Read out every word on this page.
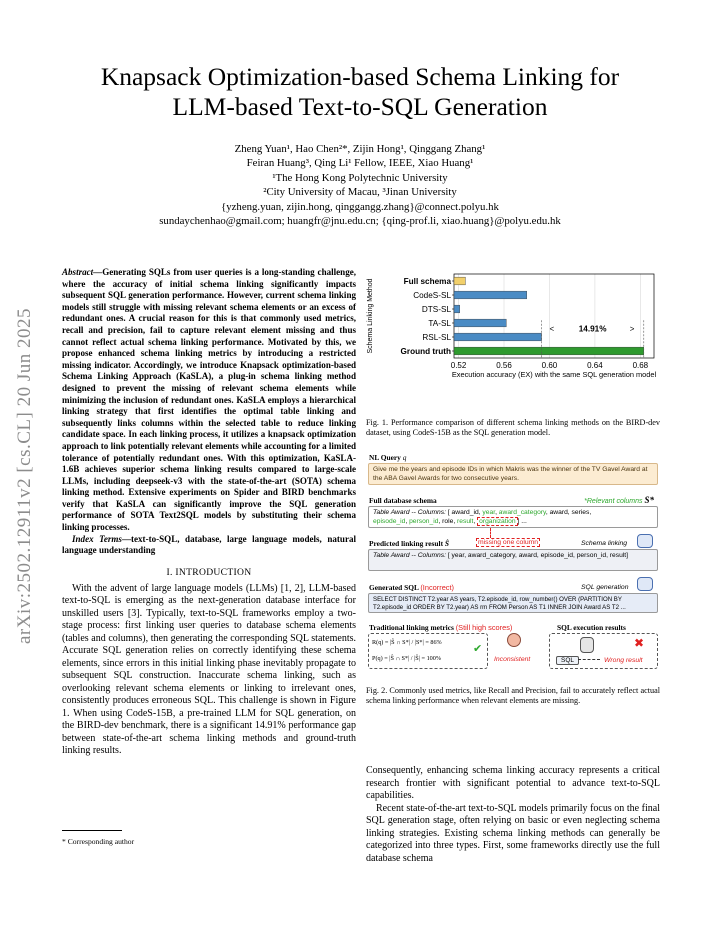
arXiv:2502.12911v2 [cs.CL] 20 Jun 2025
Knapsack Optimization-based Schema Linking for
LLM-based Text-to-SQL Generation
Zheng Yuan¹, Hao Chen²*, Zijin Hong¹, Qinggang Zhang¹
Feiran Huang³, Qing Li¹ Fellow, IEEE, Xiao Huang¹
¹The Hong Kong Polytechnic University
²City University of Macau, ³Jinan University
{yzheng.yuan, zijin.hong, qinggangg.zhang}@connect.polyu.hk
sundaychenhao@gmail.com; huangfr@jnu.edu.cn; {qing-prof.li, xiao.huang}@polyu.edu.hk

Abstract—Generating SQLs from user queries is a long-standing challenge, where the accuracy of initial schema linking significantly impacts subsequent SQL generation performance. However, current schema linking models still struggle with missing relevant schema elements or an excess of redundant ones. A crucial reason for this is that commonly used metrics, recall and precision, fail to capture relevant element missing and thus cannot reflect actual schema linking performance. Motivated by this, we propose enhanced schema linking metrics by introducing a restricted missing indicator. Accordingly, we introduce Knapsack optimization-based Schema Linking Approach (KaSLA), a plug-in schema linking method designed to prevent the missing of relevant schema elements while minimizing the inclusion of redundant ones. KaSLA employs a hierarchical linking strategy that first identifies the optimal table linking and subsequently links columns within the selected table to reduce linking candidate space. In each linking process, it utilizes a knapsack optimization approach to link potentially relevant elements while accounting for a limited tolerance of potentially redundant ones. With this optimization, KaSLA-1.6B achieves superior schema linking results compared to large-scale LLMs, including deepseek-v3 with the state-of-the-art (SOTA) schema linking method. Extensive experiments on Spider and BIRD benchmarks verify that KaSLA can significantly improve the SQL generation performance of SOTA Text2SQL models by substituting their schema linking processes.

Index Terms—text-to-SQL, database, large language models, natural language understanding

I. INTRODUCTION

With the advent of large language models (LLMs) [1, 2], LLM-based text-to-SQL is emerging as the next-generation database interface for unskilled users [3]. Typically, text-to-SQL frameworks employ a two-stage process: first linking user queries to database schema elements (tables and columns), then generating the corresponding SQL statements. Accurate SQL generation relies on correctly identifying these schema elements, since errors in this initial linking phase inevitably propagate to subsequent SQL construction. Inaccurate schema linking, such as overlooking relevant schema elements or linking to irrelevant ones, consistently produces erroneous SQL. This challenge is shown in Figure 1. When using CodeS-15B, a pre-trained LLM for SQL generation, on the BIRD-dev benchmark, there is a significant 14.91% performance gap between state-of-the-art schema linking methods and ground-truth linking results.

* Corresponding author
0.52	0.56	0.60	0.64	0.68
Full schema
CodeS-SL
DTS-SL
TA-SL
RSL-SL
Ground truth
<	>
14.91%
Execution accuracy (EX) with the same SQL generation model
Schema Linking Method
Fig. 1. Performance comparison of different schema linking methods on the BIRD-dev dataset, using CodeS-15B as the SQL generation model.
NL Query q
Give me the years and episode IDs in which Makris was the winner of the TV Gavel Award at the ABA Gavel Awards for two consecutive years.
Full database schema	*Relevant columns S*
Table Award -- Columns: [ award_id, year, award_category, award, series,
episode_id, person_id, role, result, organization ] ...
Predicted linking result Ŝ	missing one column	Schema linking
Table Award -- Columns: [ year, award_category, award, episode_id, person_id, result]
Generated SQL (Incorrect)	SQL generation
SELECT DISTINCT T2.year AS years, T2.episode_id, row_number() OVER (PARTITION BY T2.episode_id ORDER BY T2.year) AS rm FROM Person AS T1 INNER JOIN Award AS T2 ...
Traditional linking metrics (Still high scores)	SQL execution results
R(q) = |Ŝ ∩ S*| / |S*| = 86%
P(q) = |Ŝ ∩ S*| / |Ŝ| = 100%
✔
Inconsistent
✖
SQL	Wrong result
Fig. 2. Commonly used metrics, like Recall and Precision, fail to accurately reflect actual schema linking performance when relevant elements are missing.

Consequently, enhancing schema linking accuracy represents a critical research frontier with significant potential to advance text-to-SQL capabilities.

Recent state-of-the-art text-to-SQL models primarily focus on the final SQL generation stage, often relying on basic or even neglecting schema linking strategies. Existing schema linking methods can generally be categorized into three types. First, some frameworks directly use the full database schema
